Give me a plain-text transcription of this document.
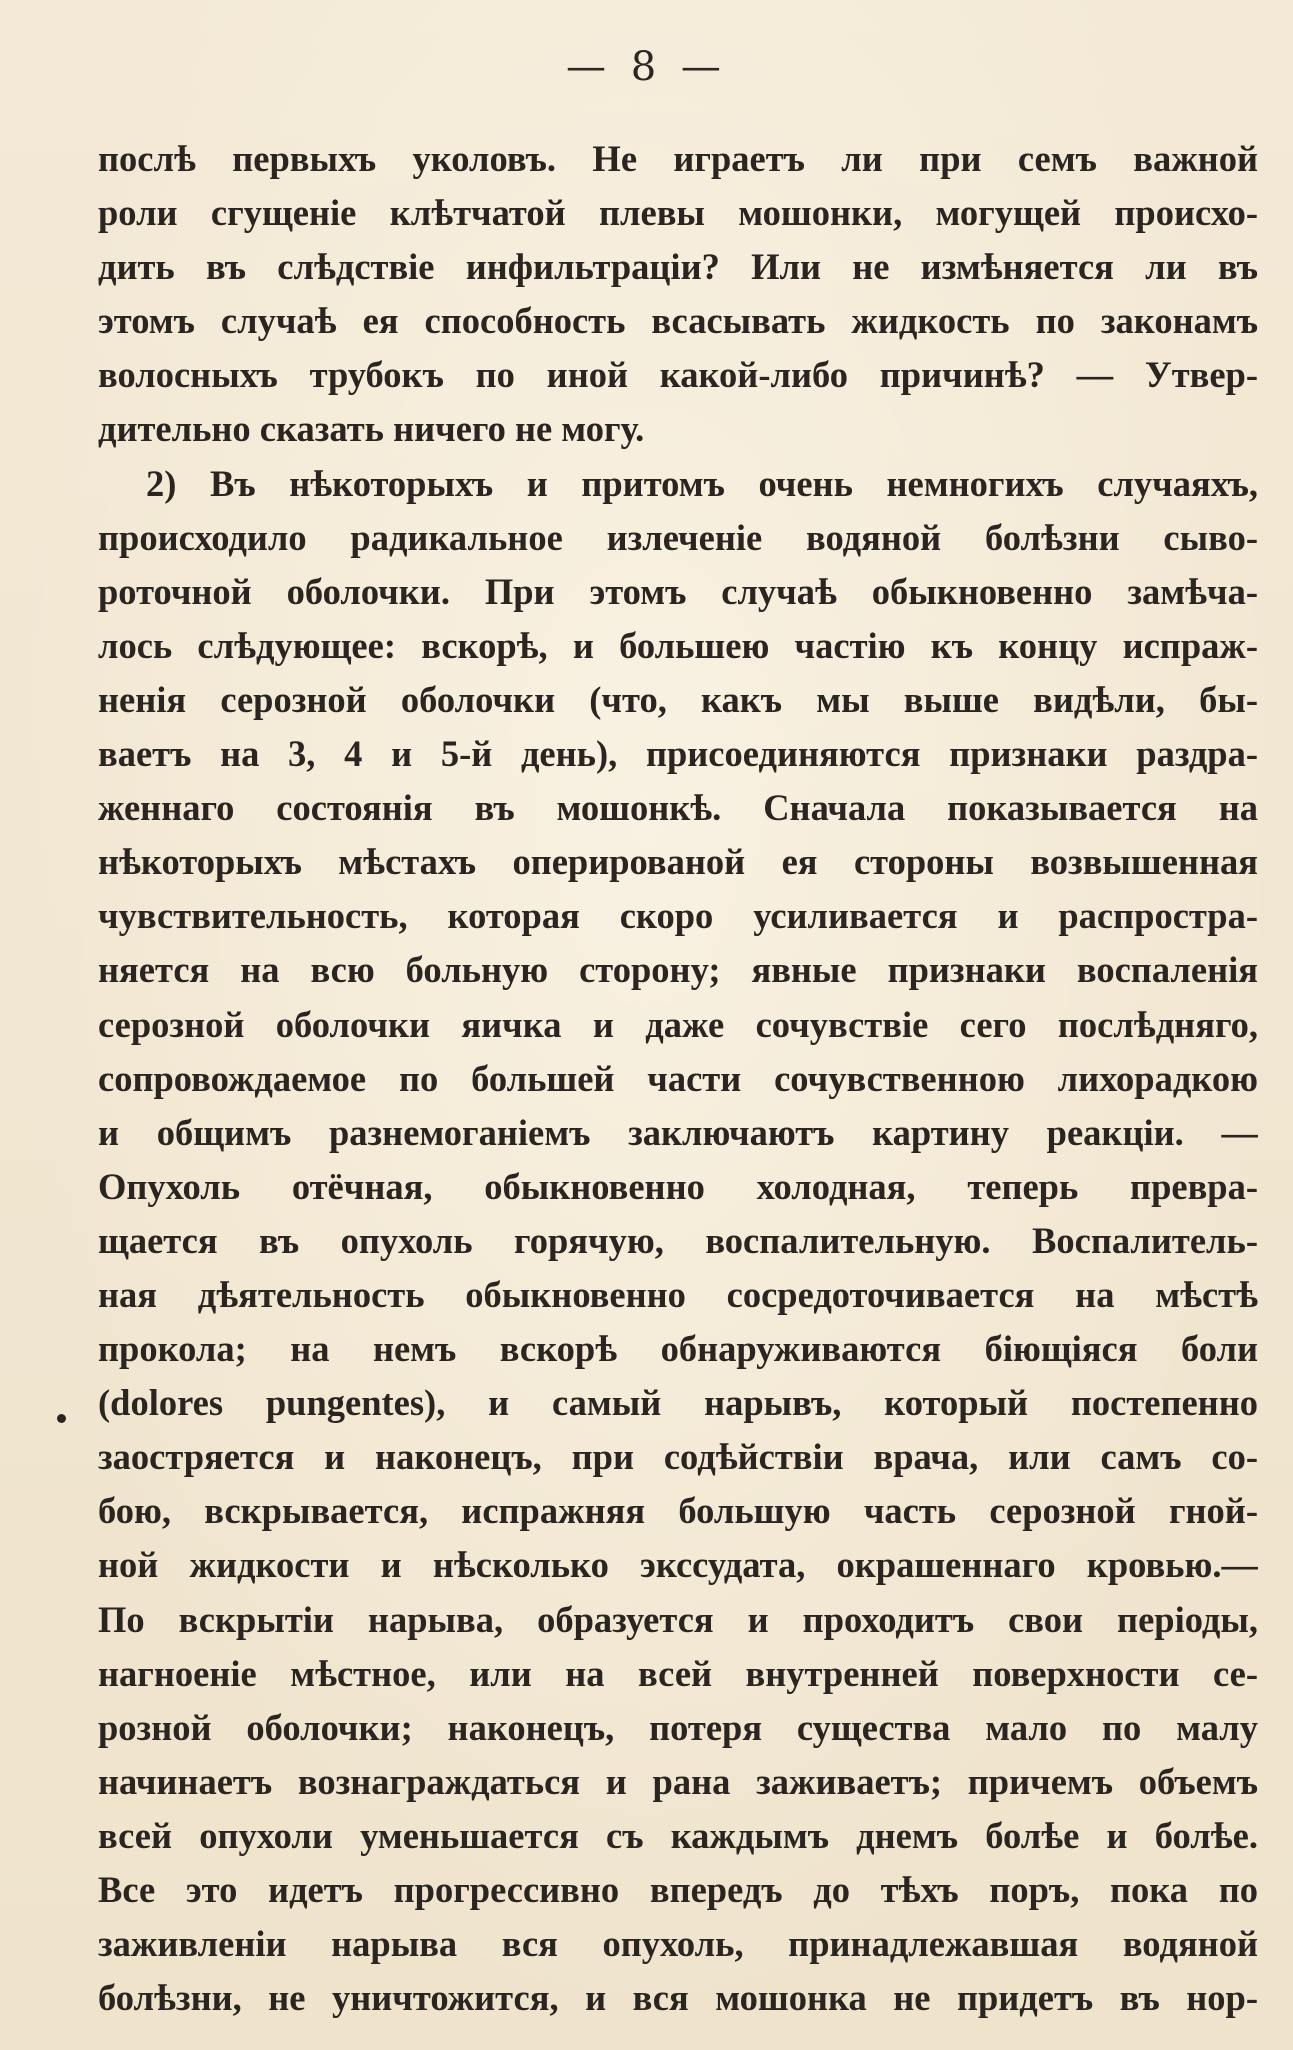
— 8 —
послѣ первыхъ уколовъ. Не играетъ ли при семъ важной
роли сгущеніе клѣтчатой плевы мошонки, могущей происхо-
дить въ слѣдствіе инфильтраціи? Или не измѣняется ли въ
этомъ случаѣ ея способность всасывать жидкость по законамъ
волосныхъ трубокъ по иной какой-либо причинѣ? — Утвер-
дительно сказать ничего не могу.
2) Въ нѣкоторыхъ и притомъ очень немногихъ случаяхъ,
происходило радикальное излеченіе водяной болѣзни сыво-
роточной оболочки. При этомъ случаѣ обыкновенно замѣча-
лось слѣдующее: вскорѣ, и большею частію къ концу испраж-
ненія серозной оболочки (что, какъ мы выше видѣли, бы-
ваетъ на 3, 4 и 5-й день), присоединяются признаки раздра-
женнаго состоянія въ мошонкѣ. Сначала показывается на
нѣкоторыхъ мѣстахъ оперированой ея стороны возвышенная
чувствительность, которая скоро усиливается и распростра-
няется на всю больную сторону; явные признаки воспаленія
серозной оболочки яичка и даже сочувствіе сего послѣдняго,
сопровождаемое по большей части сочувственною лихорадкою
и общимъ разнемоганіемъ заключаютъ картину реакціи. —
Опухоль отёчная, обыкновенно холодная, теперь превра-
щается въ опухоль горячую, воспалительную. Воспалитель-
ная дѣятельность обыкновенно сосредоточивается на мѣстѣ
прокола; на немъ вскорѣ обнаруживаются біющіяся боли
(dolores pungentes), и самый нарывъ, который постепенно
заостряется и наконецъ, при содѣйствіи врача, или самъ со-
бою, вскрывается, испражняя большую часть серозной гной-
ной жидкости и нѣсколько экссудата, окрашеннаго кровью.—
По вскрытіи нарыва, образуется и проходитъ свои періоды,
нагноеніе мѣстное, или на всей внутренней поверхности се-
розной оболочки; наконецъ, потеря существа мало по малу
начинаетъ вознаграждаться и рана заживаетъ; причемъ объемъ
всей опухоли уменьшается съ каждымъ днемъ болѣе и болѣе.
Все это идетъ прогрессивно впередъ до тѣхъ поръ, пока по
заживленіи нарыва вся опухоль, принадлежавшая водяной
болѣзни, не уничтожится, и вся мошонка не придетъ въ нор-
